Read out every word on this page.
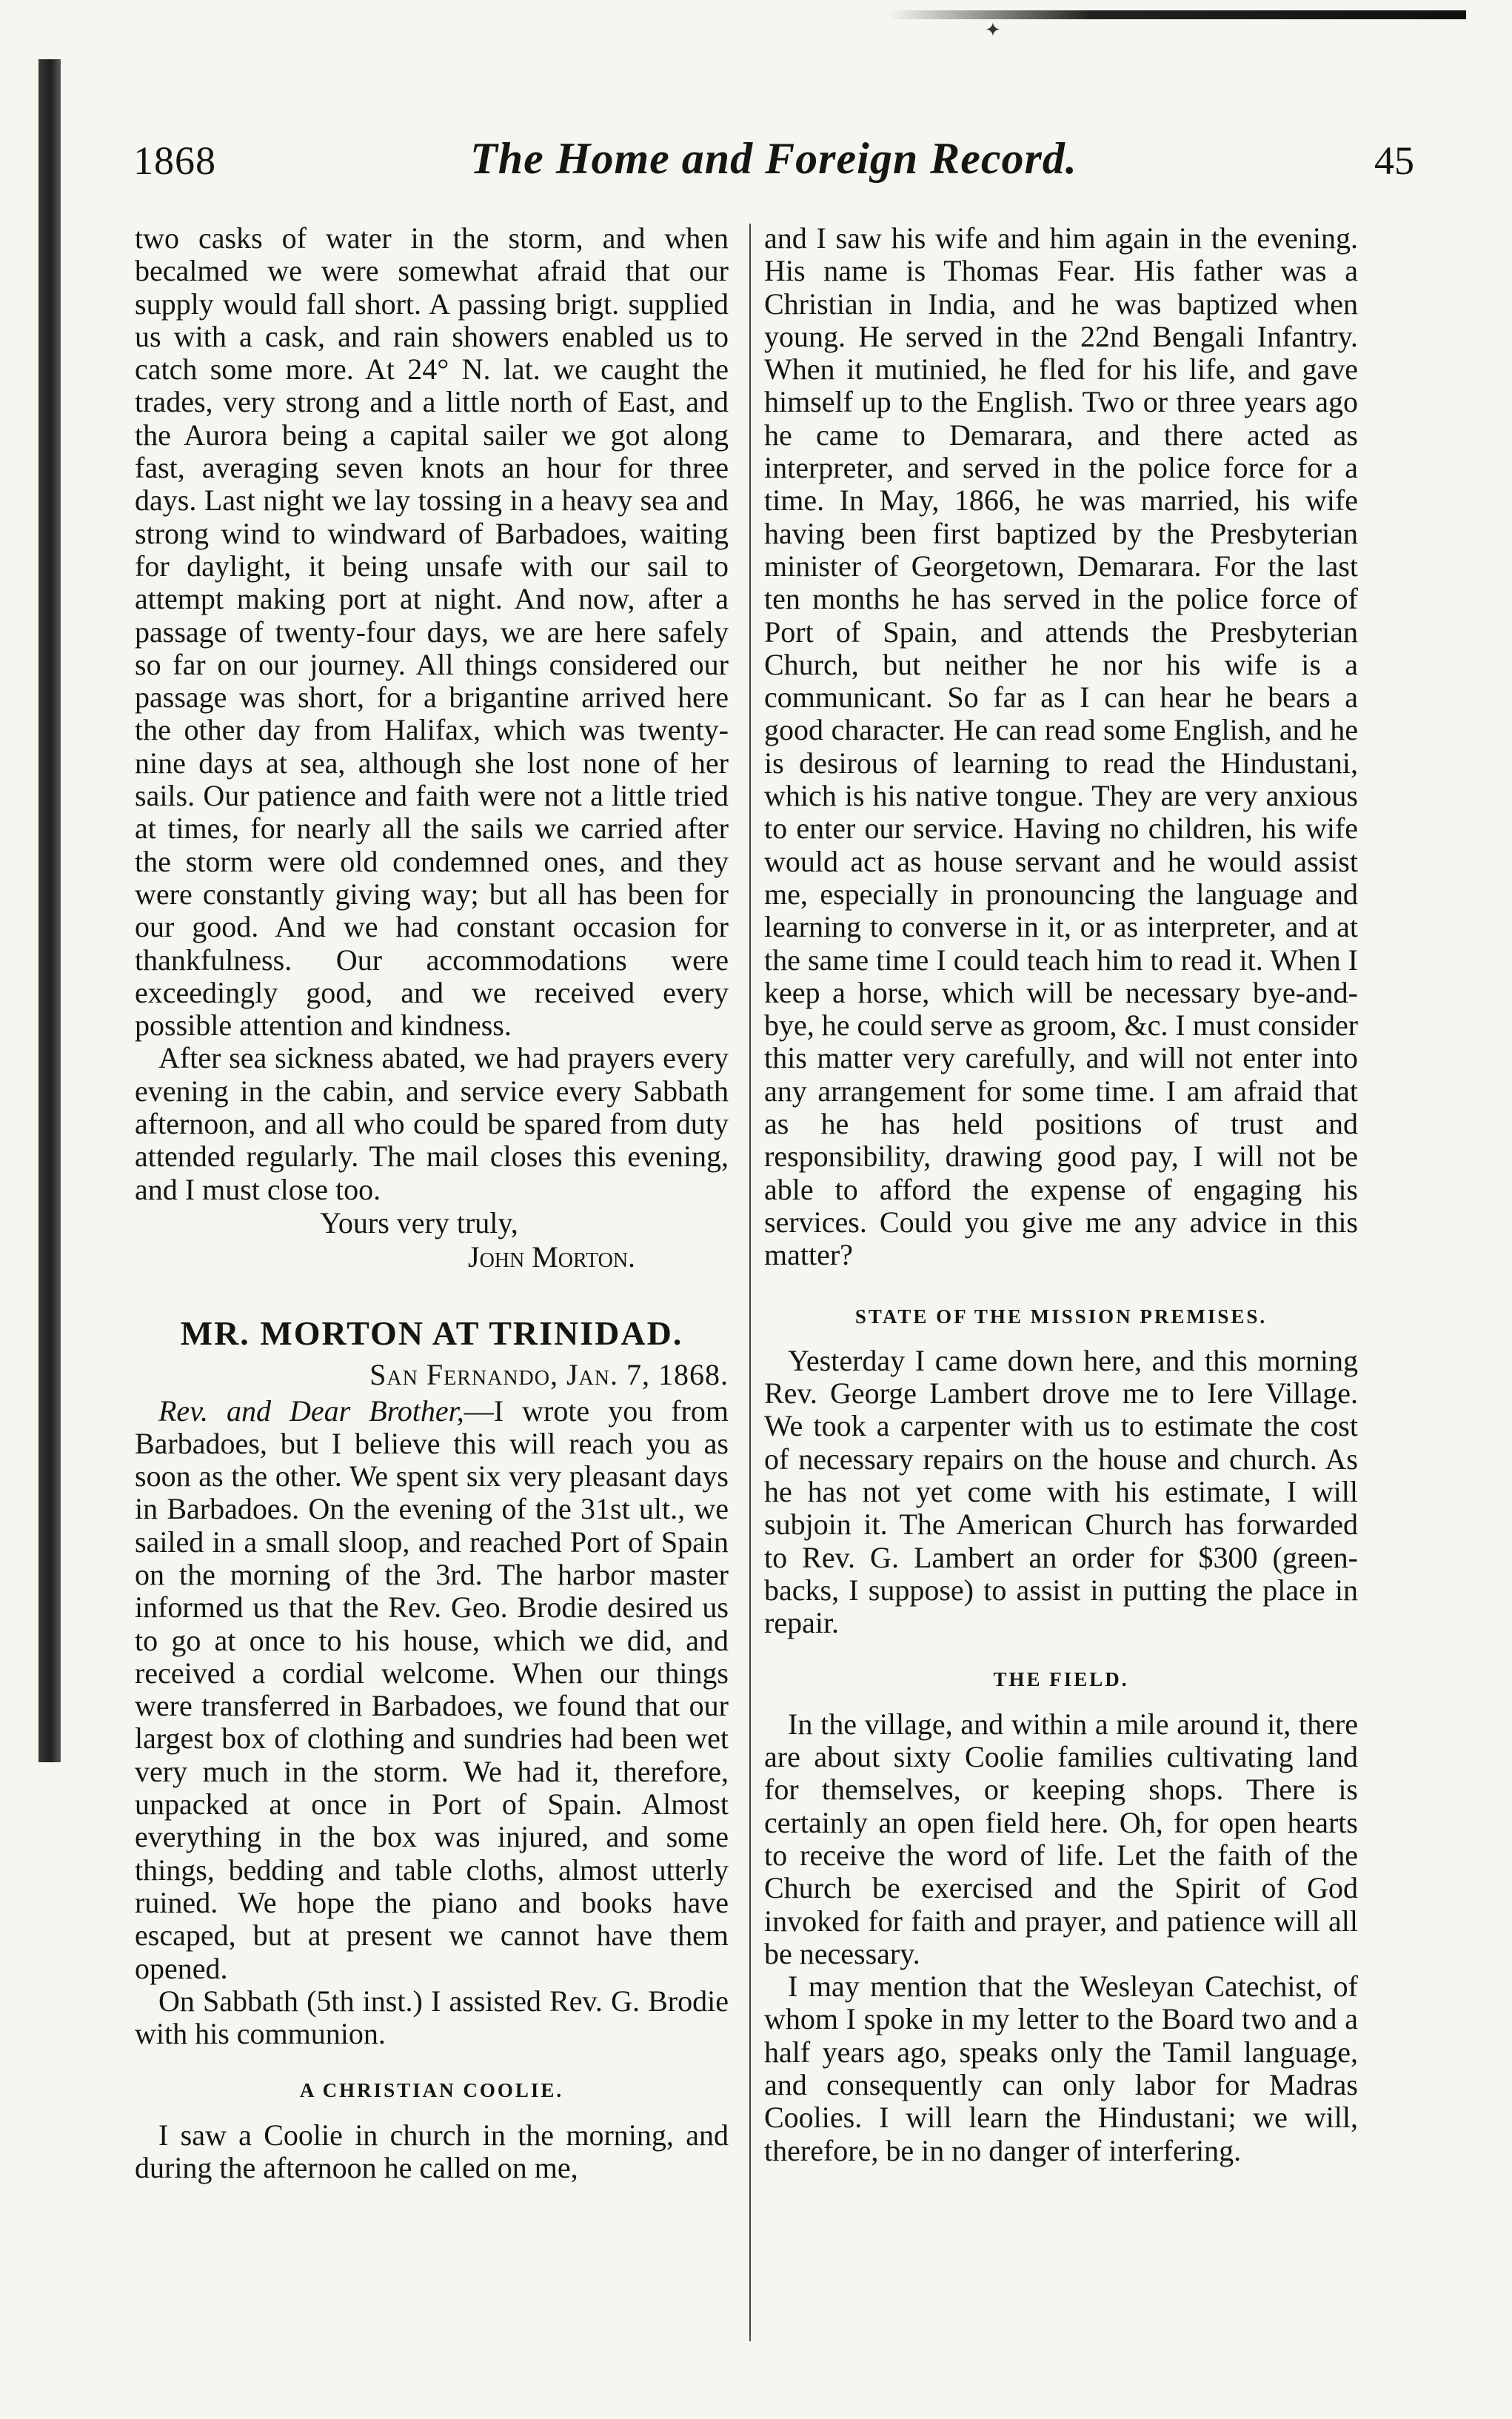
✦
1868	The Home and Foreign Record.	45

two casks of water in the storm, and when becalmed we were somewhat afraid that our supply would fall short. A passing brigt. supplied us with a cask, and rain showers enabled us to catch some more. At 24° N. lat. we caught the trades, very strong and a little north of East, and the Aurora being a capital sailer we got along fast, averaging seven knots an hour for three days. Last night we lay tossing in a heavy sea and strong wind to windward of Barbadoes, waiting for daylight, it being unsafe with our sail to attempt making port at night. And now, after a passage of twenty-four days, we are here safely so far on our journey. All things considered our passage was short, for a brigantine arrived here the other day from Halifax, which was twenty-nine days at sea, although she lost none of her sails. Our patience and faith were not a little tried at times, for nearly all the sails we carried after the storm were old condemned ones, and they were constantly giving way; but all has been for our good. And we had constant occasion for thankfulness. Our accommodations were exceedingly good, and we received every possible attention and kindness.

After sea sickness abated, we had prayers every evening in the cabin, and service every Sabbath afternoon, and all who could be spared from duty attended regularly. The mail closes this evening, and I must close too.

Yours very truly,

John Morton.

MR. MORTON AT TRINIDAD.

San Fernando, Jan. 7, 1868.

Rev. and Dear Brother,—I wrote you from Barbadoes, but I believe this will reach you as soon as the other. We spent six very pleasant days in Barbadoes. On the evening of the 31st ult., we sailed in a small sloop, and reached Port of Spain on the morning of the 3rd. The harbor master informed us that the Rev. Geo. Brodie desired us to go at once to his house, which we did, and received a cordial welcome. When our things were transferred in Barbadoes, we found that our largest box of clothing and sundries had been wet very much in the storm. We had it, therefore, unpacked at once in Port of Spain. Almost everything in the box was injured, and some things, bedding and table cloths, almost utterly ruined. We hope the piano and books have escaped, but at present we cannot have them opened.

On Sabbath (5th inst.) I assisted Rev. G. Brodie with his communion.

A CHRISTIAN COOLIE.

I saw a Coolie in church in the morning, and during the afternoon he called on me,

and I saw his wife and him again in the evening. His name is Thomas Fear. His father was a Christian in India, and he was baptized when young. He served in the 22nd Bengali Infantry. When it mutinied, he fled for his life, and gave himself up to the English. Two or three years ago he came to Demarara, and there acted as interpreter, and served in the police force for a time. In May, 1866, he was married, his wife having been first baptized by the Presbyterian minister of Georgetown, Demarara. For the last ten months he has served in the police force of Port of Spain, and attends the Presbyterian Church, but neither he nor his wife is a communicant. So far as I can hear he bears a good character. He can read some English, and he is desirous of learning to read the Hindustani, which is his native tongue. They are very anxious to enter our service. Having no children, his wife would act as house servant and he would assist me, especially in pronouncing the language and learning to converse in it, or as interpreter, and at the same time I could teach him to read it. When I keep a horse, which will be necessary bye-and-bye, he could serve as groom, &c. I must consider this matter very carefully, and will not enter into any arrangement for some time. I am afraid that as he has held positions of trust and responsibility, drawing good pay, I will not be able to afford the expense of engaging his services. Could you give me any advice in this matter?

STATE OF THE MISSION PREMISES.

Yesterday I came down here, and this morning Rev. George Lambert drove me to Iere Village. We took a carpenter with us to estimate the cost of necessary repairs on the house and church. As he has not yet come with his estimate, I will subjoin it. The American Church has forwarded to Rev. G. Lambert an order for $300 (green-backs, I suppose) to assist in putting the place in repair.

THE FIELD.

In the village, and within a mile around it, there are about sixty Coolie families cultivating land for themselves, or keeping shops. There is certainly an open field here. Oh, for open hearts to receive the word of life. Let the faith of the Church be exercised and the Spirit of God invoked for faith and prayer, and patience will all be necessary.

I may mention that the Wesleyan Catechist, of whom I spoke in my letter to the Board two and a half years ago, speaks only the Tamil language, and consequently can only labor for Madras Coolies. I will learn the Hindustani; we will, therefore, be in no danger of interfering.
